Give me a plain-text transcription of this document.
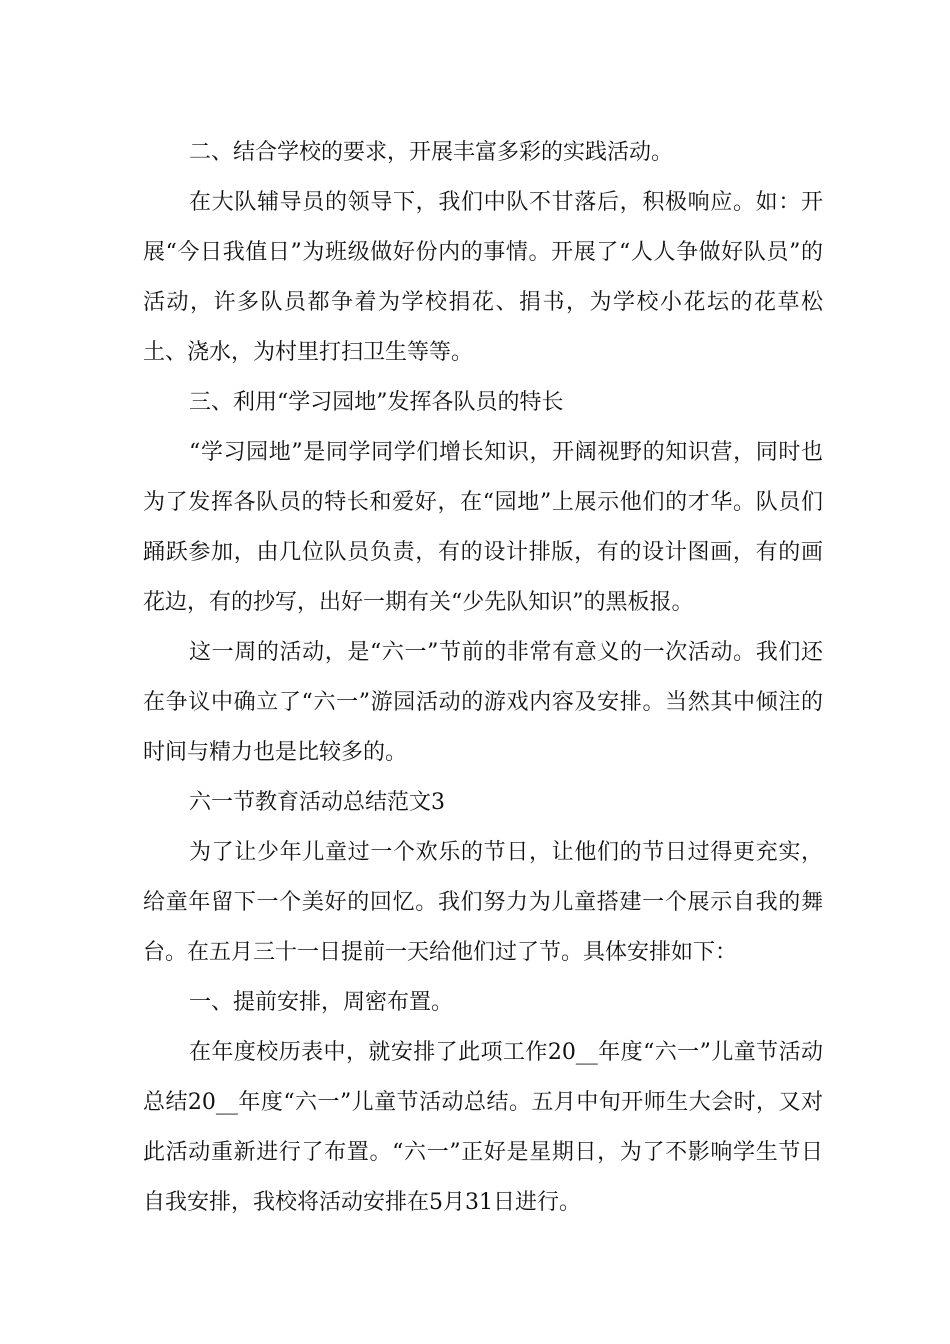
二、结合学校的要求，开展丰富多彩的实践活动。

在大队辅导员的领导下，我们中队不甘落后，积极响应。如：开展“今日我值日”为班级做好份内的事情。开展了“人人争做好队员”的活动，许多队员都争着为学校捐花、捐书，为学校小花坛的花草松土、浇水，为村里打扫卫生等等。

三、利用“学习园地”发挥各队员的特长

“学习园地”是同学同学们增长知识，开阔视野的知识营，同时也为了发挥各队员的特长和爱好，在“园地”上展示他们的才华。队员们踊跃参加，由几位队员负责，有的设计排版，有的设计图画，有的画花边，有的抄写，出好一期有关“少先队知识”的黑板报。

这一周的活动，是“六一”节前的非常有意义的一次活动。我们还在争议中确立了“六一”游园活动的游戏内容及安排。当然其中倾注的时间与精力也是比较多的。

六一节教育活动总结范文3

为了让少年儿童过一个欢乐的节日，让他们的节日过得更充实，给童年留下一个美好的回忆。我们努力为儿童搭建一个展示自我的舞台。在五月三十一日提前一天给他们过了节。具体安排如下：

一、提前安排，周密布置。

在年度校历表中，就安排了此项工作20__年度“六一”儿童节活动总结20__年度“六一”儿童节活动总结。五月中旬开师生大会时，又对此活动重新进行了布置。“六一”正好是星期日，为了不影响学生节日自我安排，我校将活动安排在5月31日进行。
